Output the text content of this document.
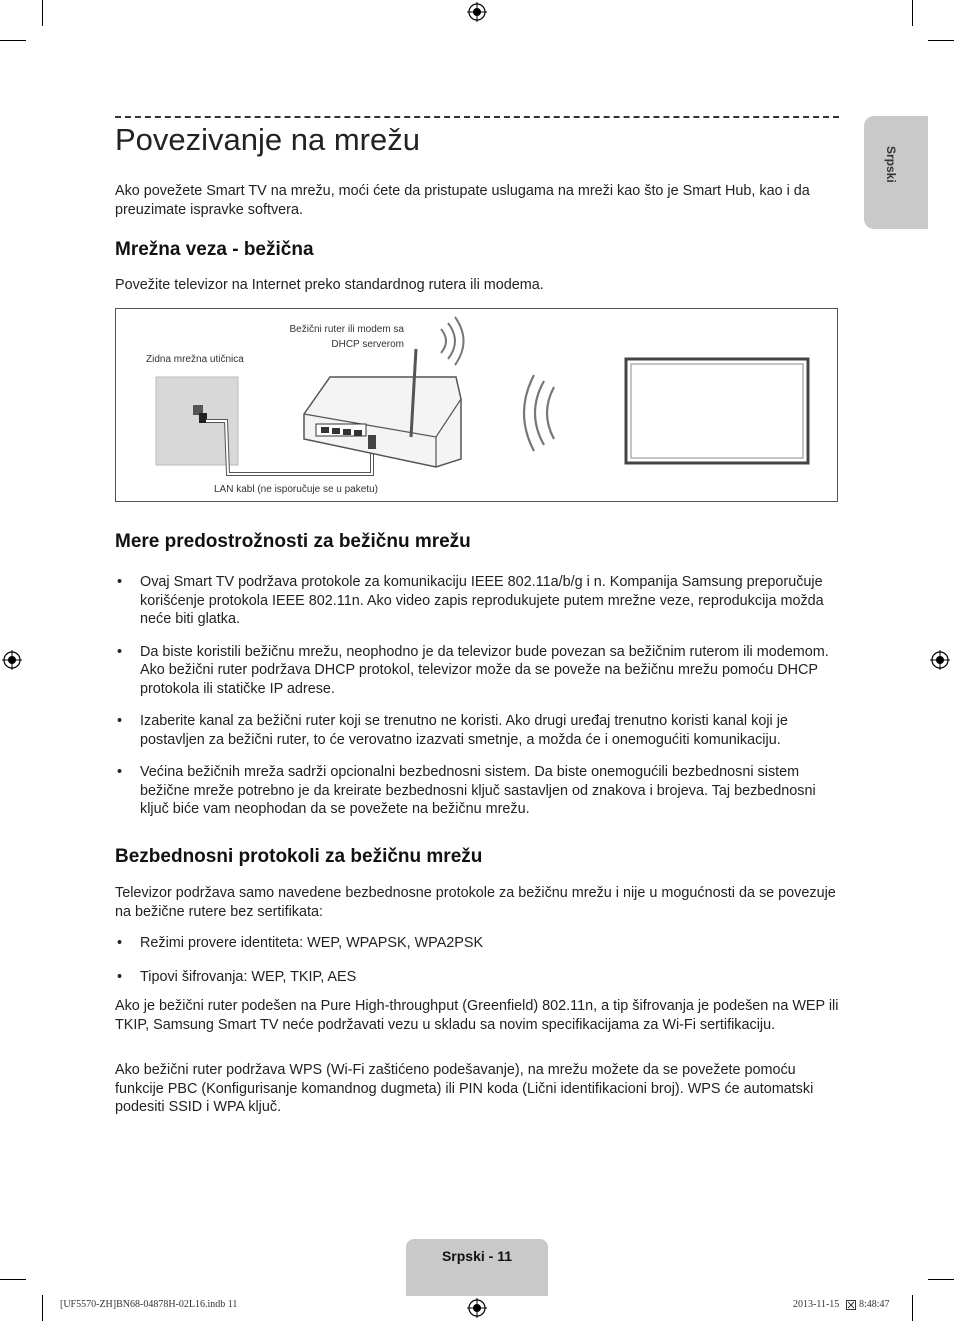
Povezivanje na mrežu
Srpski

Ako povežete Smart TV na mrežu, moći ćete da pristupate uslugama na mreži kao što je Smart Hub, kao i da preuzimate ispravke softvera.

Mrežna veza - bežična

Povežite televizor na Internet preko standardnog rutera ili modema.

Bežični ruter ili modem sa
DHCP serverom
Zidna mrežna utičnica
LAN kabl (ne isporučuje se u paketu)
Mere predostrožnosti za bežičnu mrežu
• Ovaj Smart TV podržava protokole za komunikaciju IEEE 802.11a/b/g i n. Kompanija Samsung preporučuje korišćenje protokola IEEE 802.11n. Ako video zapis reprodukujete putem mrežne veze, reprodukcija možda neće biti glatka.
• Da biste koristili bežičnu mrežu, neophodno je da televizor bude povezan sa bežičnim ruterom ili modemom. Ako bežični ruter podržava DHCP protokol, televizor može da se poveže na bežičnu mrežu pomoću DHCP protokola ili statičke IP adrese.
• Izaberite kanal za bežični ruter koji se trenutno ne koristi. Ako drugi uređaj trenutno koristi kanal koji je postavljen za bežični ruter, to će verovatno izazvati smetnje, a možda će i onemogućiti komunikaciju.
• Većina bežičnih mreža sadrži opcionalni bezbednosni sistem. Da biste onemogućili bezbednosni sistem bežične mreže potrebno je da kreirate bezbednosni ključ sastavljen od znakova i brojeva. Taj bezbednosni ključ biće vam neophodan da se povežete na bežičnu mrežu.
Bezbednosni protokoli za bežičnu mrežu

Televizor podržava samo navedene bezbednosne protokole za bežičnu mrežu i nije u mogućnosti da se povezuje na bežične rutere bez sertifikata:

• Režimi provere identiteta: WEP, WPAPSK, WPA2PSK
• Tipovi šifrovanja: WEP, TKIP, AES

Ako je bežični ruter podešen na Pure High-throughput (Greenfield) 802.11n, a tip šifrovanja je podešen na WEP ili TKIP, Samsung Smart TV neće podržavati vezu u skladu sa novim specifikacijama za Wi-Fi sertifikaciju.

Ako bežični ruter podržava WPS (Wi-Fi zaštićeno podešavanje), na mrežu možete da se povežete pomoću funkcije PBC (Konfigurisanje komandnog dugmeta) ili PIN koda (Lični identifikacioni broj). WPS će automatski podesiti SSID i WPA ključ.

Srpski - 11
[UF5570-ZH]BN68-04878H-02L16.indb 11	2013-11-15 8:48:47
